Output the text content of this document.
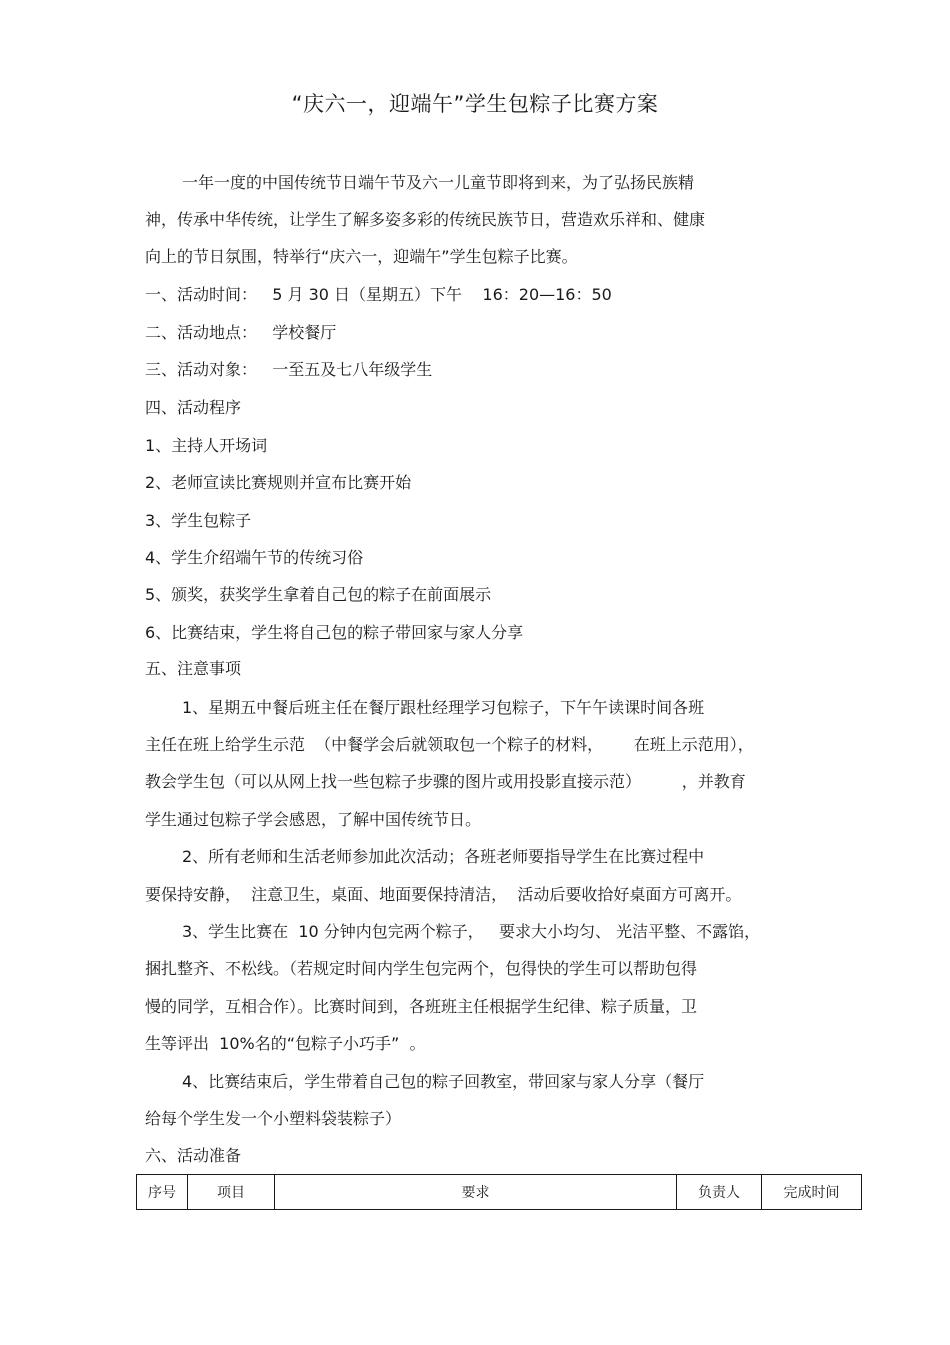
“庆六一，迎端午”学生包粽子比赛方案
一年一度的中国传统节日端午节及六一儿童节即将到来，为了弘扬民族精
神，传承中华传统，让学生了解多姿多彩的传统民族节日，营造欢乐祥和、健康
向上的节日氛围，特举行“庆六一，迎端午”学生包粽子比赛。
一、活动时间：   5 月 30 日（星期五）下午    16：20—16：50
二、活动地点：   学校餐厅
三、活动对象：   一至五及七八年级学生
四、活动程序
1、主持人开场词
2、老师宣读比赛规则并宣布比赛开始
3、学生包粽子
4、学生介绍端午节的传统习俗
5、颁奖，获奖学生拿着自己包的粽子在前面展示
6、比赛结束，学生将自己包的粽子带回家与家人分享
五、注意事项
1、星期五中餐后班主任在餐厅跟杜经理学习包粽子，下午午读课时间各班
主任在班上给学生示范  （中餐学会后就领取包一个粽子的材料，      在班上示范用），
教会学生包（可以从网上找一些包粽子步骤的图片或用投影直接示范）        ，并教育
学生通过包粽子学会感恩，了解中国传统节日。
2、所有老师和生活老师参加此次活动；各班老师要指导学生在比赛过程中
要保持安静，  注意卫生，桌面、地面要保持清洁，  活动后要收拾好桌面方可离开。
3、学生比赛在  10 分钟内包完两个粽子，   要求大小均匀、 光洁平整、不露馅，
捆扎整齐、不松线。（若规定时间内学生包完两个，包得快的学生可以帮助包得
慢的同学，互相合作）。比赛时间到，各班班主任根据学生纪律、粽子质量，卫
生等评出  10%名的“包粽子小巧手”  。
4、比赛结束后，学生带着自己包的粽子回教室，带回家与家人分享（餐厅
给每个学生发一个小塑料袋装粽子）
六、活动准备
序号	项目	要求	负责人	完成时间
